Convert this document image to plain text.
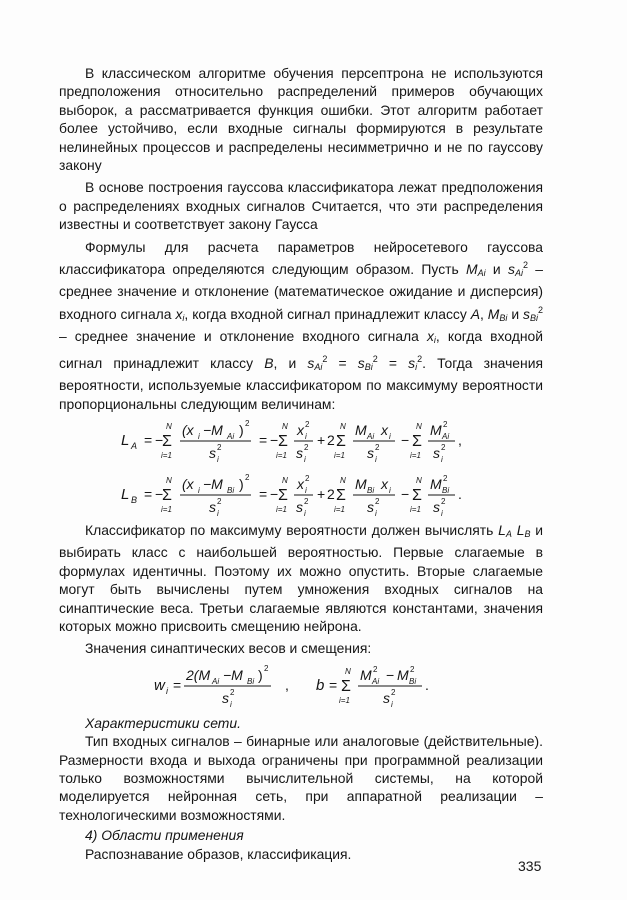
В классическом алгоритме обучения персептрона не используются предположения относительно распределений примеров обучающих выборок, а рассматривается функция ошибки. Этот алгоритм работает более устойчиво, если входные сигналы формируются в результате нелинейных процессов и распределены несимметрично и не по гауссову закону

В основе построения гауссова классификатора лежат предположения о распределениях входных сигналов Считается, что эти распределения известны и соответствует закону Гаусса

Формулы для расчета параметров нейросетевого гауссова классификатора определяются следующим образом. Пусть $M_{Ai}$ и $s_{Ai}^2$ – среднее значение и отклонение (математическое ожидание и дисперсия) входного сигнала $x_i$, когда входной сигнал принадлежит классу A, $M_{Bi}$ и $s_{Bi}^2$ – среднее значение и отклонение входного сигнала $x_i$, когда входной сигнал принадлежит классу B, и $s_{Ai}^2 = s_{Bi}^2 = s_i^2$. Тогда значения вероятности, используемые классификатором по максимуму вероятности пропорциональны следующим величинам:

L A = −
N
Σ
i=1
(x i −M Ai ) 2
s i
2	= −
N
Σ
i=1
x i
2
s i
2 + 2
N
Σ
i=1
M Ai x i
s i
2 −
N
Σ
i=1
M Ai
2
s i
2 ,
L B = −
N
Σ
i=1
(x i −M Bi ) 2
s i
2	= −
N
Σ
i=1
x i
2
s i
2 + 2
N
Σ
i=1
M Bi x i
s i
2 −
N
Σ
i=1
M Bi
2
s i
2 .

Классификатор по максимуму вероятности должен вычислять $L_A$ $L_B$ и выбирать класс с наибольшей вероятностью. Первые слагаемые в формулах идентичны. Поэтому их можно опустить. Вторые слагаемые могут быть вычислены путем умножения входных сигналов на синаптические веса. Третьи слагаемые являются константами, значения которых можно присвоить смещению нейрона.

Значения синаптических весов и смещения:

w i =
2(M Ai −M Bi ) 2
s i
2	, b =
N
Σ
i=1
M Ai
2 − M Bi
2
s i
2 .

Характеристики сети.

Тип входных сигналов – бинарные или аналоговые (действительные). Размерности входа и выхода ограничены при программной реализации только возможностями вычислительной системы, на которой моделируется нейронная сеть, при аппаратной реализации – технологическими возможностями.

4) Области применения

Распознавание образов, классификация.

335
